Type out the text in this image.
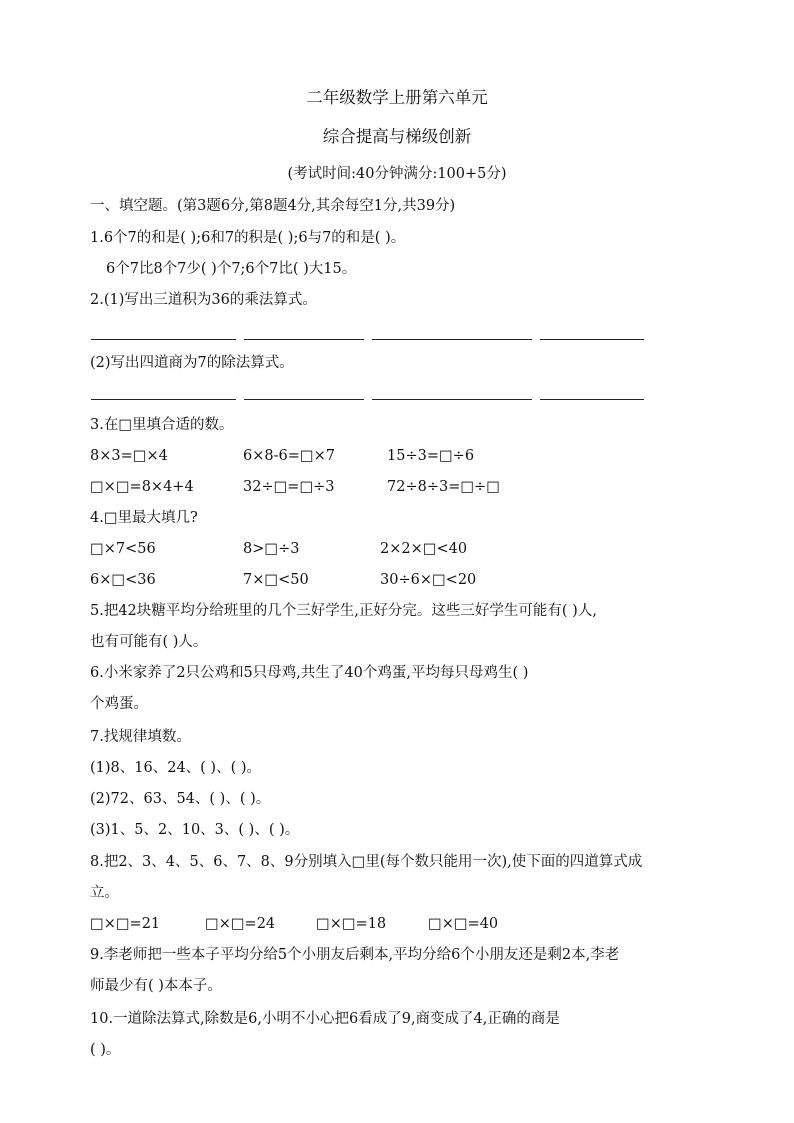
二年级数学上册第六单元
综合提高与梯级创新
(考试时间:40分钟满分:100+5分)
一、填空题。(第3题6分,第8题4分,其余每空1分,共39分)
1.6个7的和是( );6和7的积是( );6与7的和是( )。
6个7比8个7少( )个7;6个7比( )大15。
2.(1)写出三道积为36的乘法算式。
(2)写出四道商为7的除法算式。
3.在□里填合适的数。
8×3=□×4	6×8-6=□×7	15÷3=□÷6
□×□=8×4+4	32÷□=□÷3	72÷8÷3=□÷□
4.□里最大填几?
□×7<56	8>□÷3	2×2×□<40
6×□<36	7×□<50	30÷6×□<20
5.把42块糖平均分给班里的几个三好学生,正好分完。这些三好学生可能有( )人,
也有可能有( )人。
6.小米家养了2只公鸡和5只母鸡,共生了40个鸡蛋,平均每只母鸡生( )
个鸡蛋。
7.找规律填数。
(1)8、16、24、( )、( )。
(2)72、63、54、( )、( )。
(3)1、5、2、10、3、( )、( )。
8.把2、3、4、5、6、7、8、9分别填入□里(每个数只能用一次),使下面的四道算式成
立。
□×□=21	□×□=24	□×□=18	□×□=40
9.李老师把一些本子平均分给5个小朋友后剩本,平均分给6个小朋友还是剩2本,李老
师最少有( )本本子。
10.一道除法算式,除数是6,小明不小心把6看成了9,商变成了4,正确的商是
( )。
